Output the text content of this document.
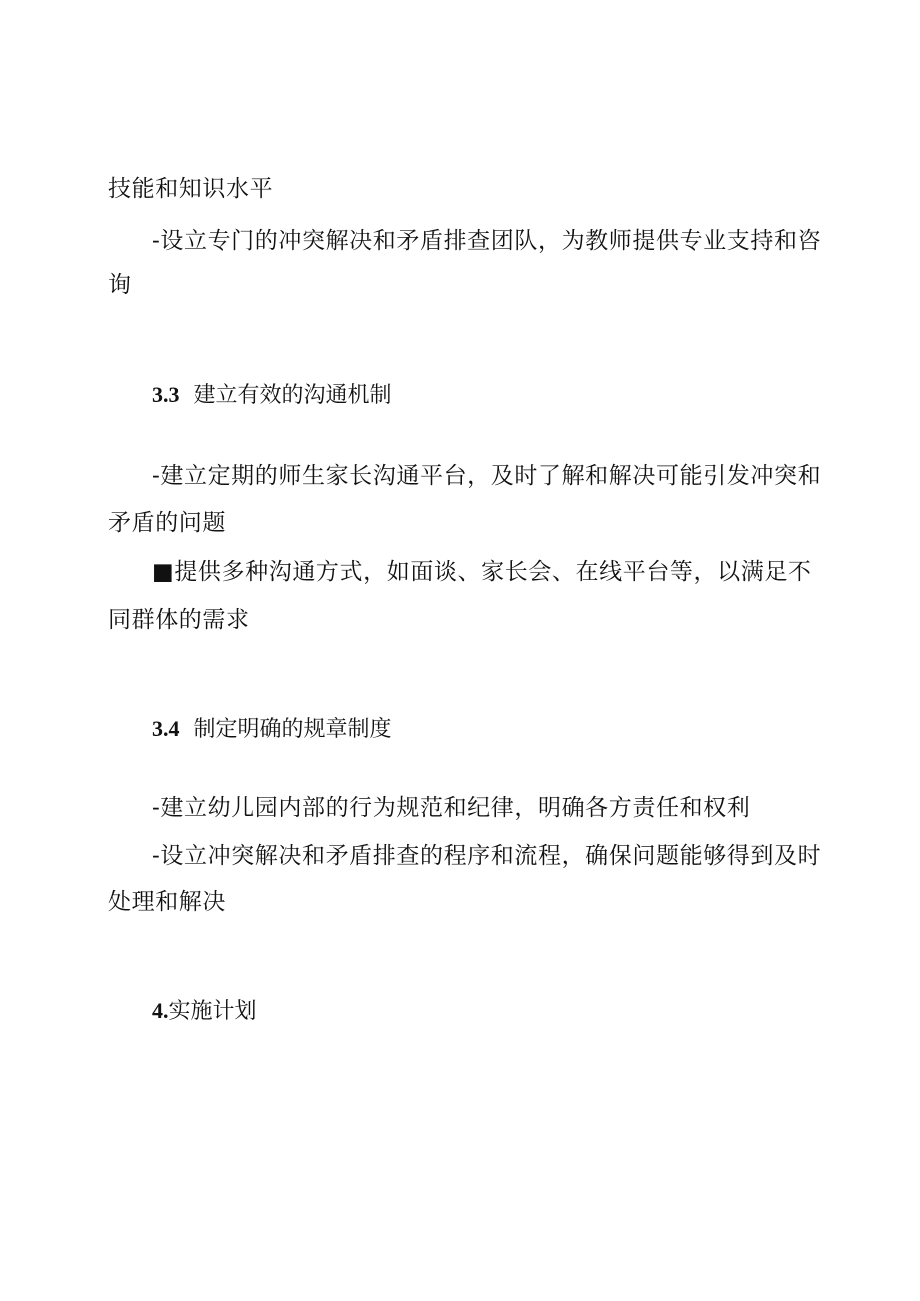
技能和知识水平
-设立专门的冲突解决和矛盾排查团队，为教师提供专业支持和咨
询
3.3 建立有效的沟通机制
-建立定期的师生家长沟通平台，及时了解和解决可能引发冲突和
矛盾的问题
■提供多种沟通方式，如面谈、家长会、在线平台等，以满足不
同群体的需求
3.4 制定明确的规章制度
-建立幼儿园内部的行为规范和纪律，明确各方责任和权利
-设立冲突解决和矛盾排查的程序和流程，确保问题能够得到及时
处理和解决
4.实施计划
